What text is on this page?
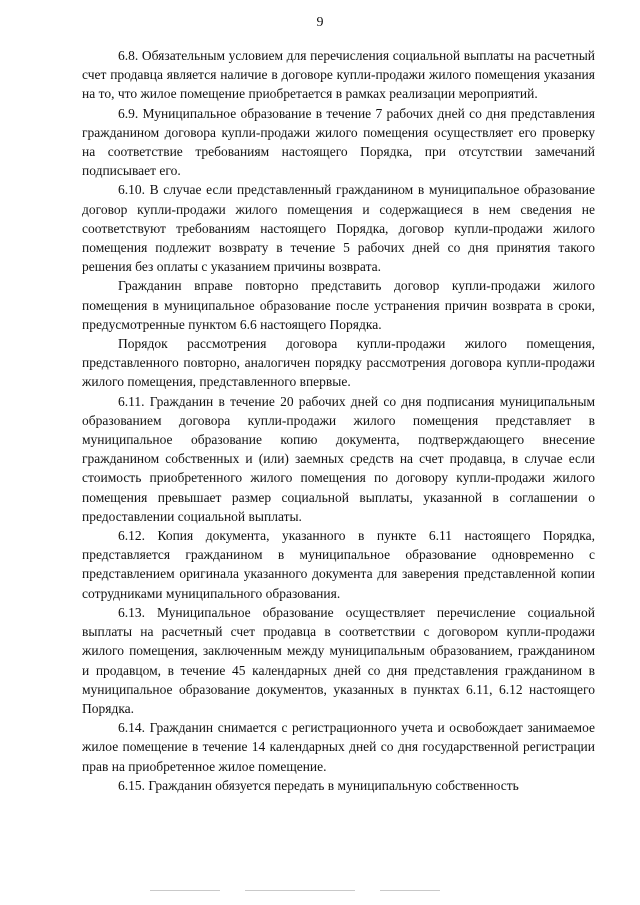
9

6.8. Обязательным условием для перечисления социальной выплаты на расчетный счет продавца является наличие в договоре купли-продажи жилого помещения указания на то, что жилое помещение приобретается в рамках реализации мероприятий.

6.9. Муниципальное образование в течение 7 рабочих дней со дня представления гражданином договора купли-продажи жилого помещения осуществляет его проверку на соответствие требованиям настоящего Порядка, при отсутствии замечаний подписывает его.

6.10. В случае если представленный гражданином в муниципальное образование договор купли-продажи жилого помещения и содержащиеся в нем сведения не соответствуют требованиям настоящего Порядка, договор купли-продажи жилого помещения подлежит возврату в течение 5 рабочих дней со дня принятия такого решения без оплаты с указанием причины возврата.

Гражданин вправе повторно представить договор купли-продажи жилого помещения в муниципальное образование после устранения причин возврата в сроки, предусмотренные пунктом 6.6 настоящего Порядка.

Порядок рассмотрения договора купли-продажи жилого помещения, представленного повторно, аналогичен порядку рассмотрения договора купли-продажи жилого помещения, представленного впервые.

6.11. Гражданин в течение 20 рабочих дней со дня подписания муниципальным образованием договора купли-продажи жилого помещения представляет в муниципальное образование копию документа, подтверждающего внесение гражданином собственных и (или) заемных средств на счет продавца, в случае если стоимость приобретенного жилого помещения по договору купли-продажи жилого помещения превышает размер социальной выплаты, указанной в соглашении о предоставлении социальной выплаты.

6.12. Копия документа, указанного в пункте 6.11 настоящего Порядка, представляется гражданином в муниципальное образование одновременно с представлением оригинала указанного документа для заверения представленной копии сотрудниками муниципального образования.

6.13. Муниципальное образование осуществляет перечисление социальной выплаты на расчетный счет продавца в соответствии с договором купли-продажи жилого помещения, заключенным между муниципальным образованием, гражданином и продавцом, в течение 45 календарных дней со дня представления гражданином в муниципальное образование документов, указанных в пунктах 6.11, 6.12 настоящего Порядка.

6.14. Гражданин снимается с регистрационного учета и освобождает занимаемое жилое помещение в течение 14 календарных дней со дня государственной регистрации прав на приобретенное жилое помещение.

6.15. Гражданин обязуется передать в муниципальную собственность
